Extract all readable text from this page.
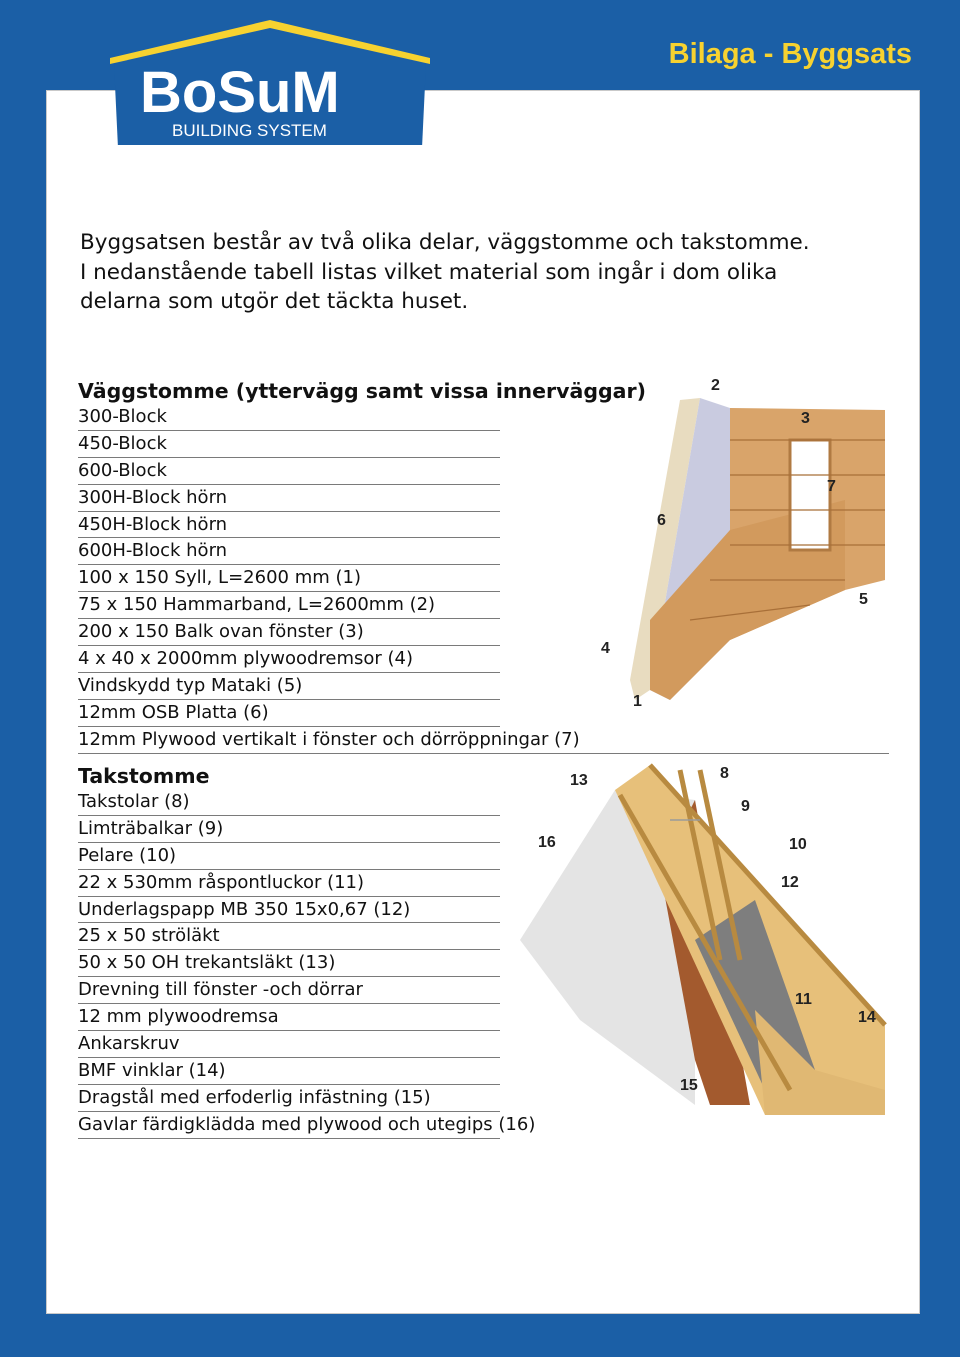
Bilaga - Byggsats
BoSuM
BUILDING SYSTEM

Byggsatsen består av två olika delar, väggstomme och takstomme.

I nedanstående tabell listas vilket material som ingår i dom olika

delarna som utgör det täckta huset.

2
3
7
6
5
4
1
Väggstomme (yttervägg samt vissa innerväggar)
300-Block
450-Block
600-Block
300H-Block hörn
450H-Block hörn
600H-Block hörn
100 x 150 Syll, L=2600 mm (1)
75 x 150 Hammarband, L=2600mm (2)
200 x 150 Balk ovan fönster (3)
4 x 40 x 2000mm plywoodremsor (4)
Vindskydd typ Mataki (5)
12mm OSB Platta (6)
12mm Plywood vertikalt i fönster och dörröppningar (7)
13	8
9
16	10
12
11
14
15
Takstomme
Takstolar (8)
Limträbalkar (9)
Pelare (10)
22 x 530mm råspontluckor (11)
Underlagspapp MB 350 15x0,67 (12)
25 x 50 ströläkt
50 x 50 OH trekantsläkt (13)
Drevning till fönster -och dörrar
12 mm plywoodremsa
Ankarskruv
BMF vinklar (14)
Dragstål med erfoderlig infästning (15)
Gavlar färdigklädda med plywood och utegips (16)
